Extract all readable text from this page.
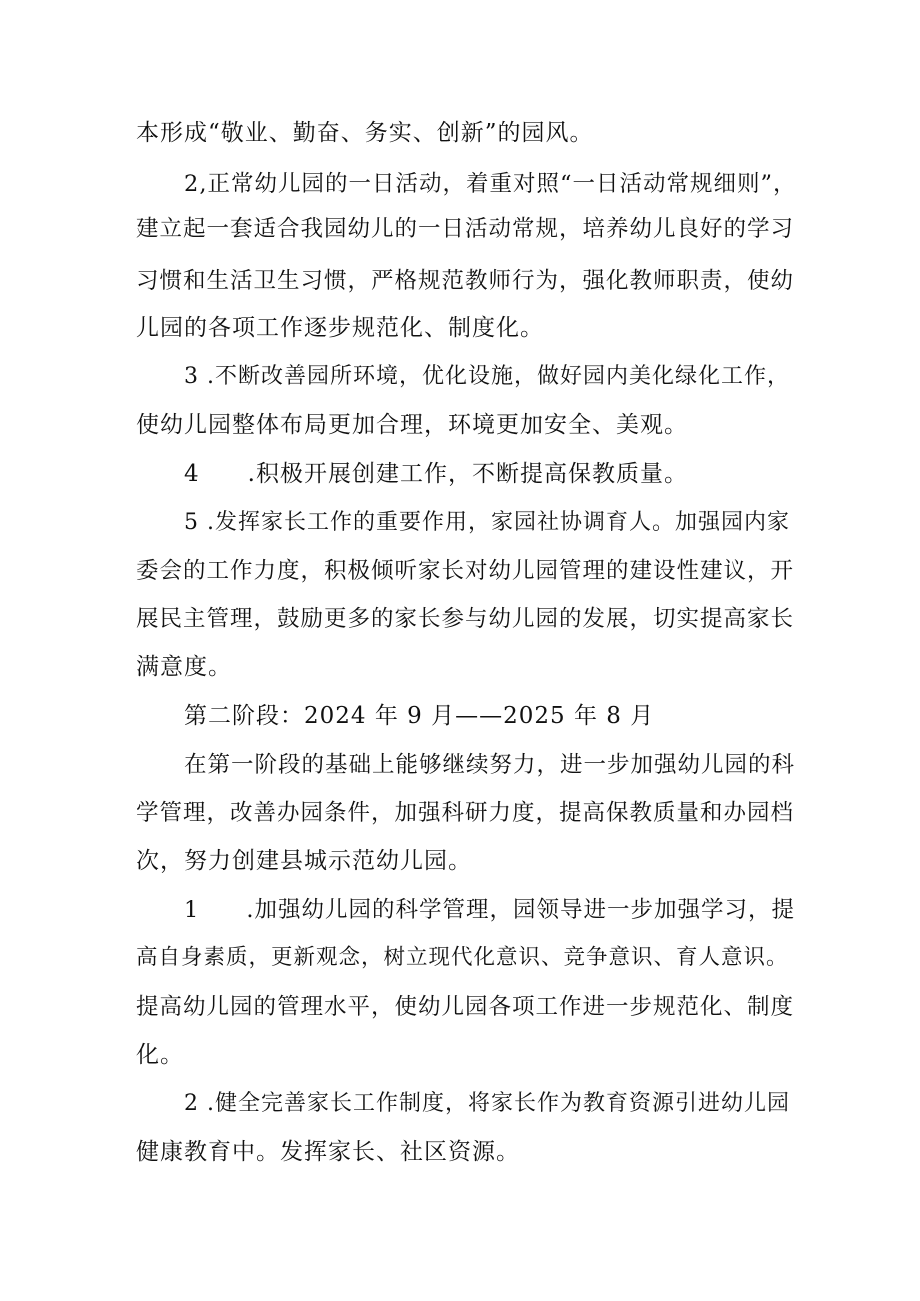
本形成“敬业、勤奋、务实、创新”的园风。
2,正常幼儿园的一日活动，着重对照“一日活动常规细则”，
建立起一套适合我园幼儿的一日活动常规，培养幼儿良好的学习
习惯和生活卫生习惯，严格规范教师行为，强化教师职责，使幼
儿园的各项工作逐步规范化、制度化。
3 .不断改善园所环境，优化设施，做好园内美化绿化工作，
使幼儿园整体布局更加合理，环境更加安全、美观。
4　　.积极开展创建工作，不断提高保教质量。
5 .发挥家长工作的重要作用，家园社协调育人。加强园内家
委会的工作力度，积极倾听家长对幼儿园管理的建设性建议，开
展民主管理，鼓励更多的家长参与幼儿园的发展，切实提高家长
满意度。
第二阶段：2024 年 9 月——2025 年 8 月
在第一阶段的基础上能够继续努力，进一步加强幼儿园的科
学管理，改善办园条件，加强科研力度，提高保教质量和办园档
次，努力创建县城示范幼儿园。
1　　.加强幼儿园的科学管理，园领导进一步加强学习，提
高自身素质，更新观念，树立现代化意识、竞争意识、育人意识。
提高幼儿园的管理水平，使幼儿园各项工作进一步规范化、制度
化。
2 .健全完善家长工作制度，将家长作为教育资源引进幼儿园
健康教育中。发挥家长、社区资源。
